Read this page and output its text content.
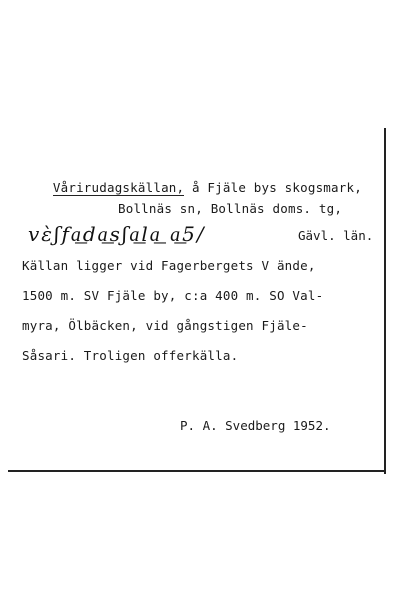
Vårirudagskällan, å Fjäle bys skogsmark,

Bollnäs sn, Bollnäs doms. tg,
vɛ̀ʃfa͟da͟sʃa͟la͟ a͟5/	Gävl. län.
Källan ligger vid Fagerbergets V ände,
1500 m. SV Fjäle by, c:a 400 m. SO Val-
myra, Ölbäcken, vid gångstigen Fjäle-
Såsari. Troligen offerkälla.
P. A. Svedberg 1952.
